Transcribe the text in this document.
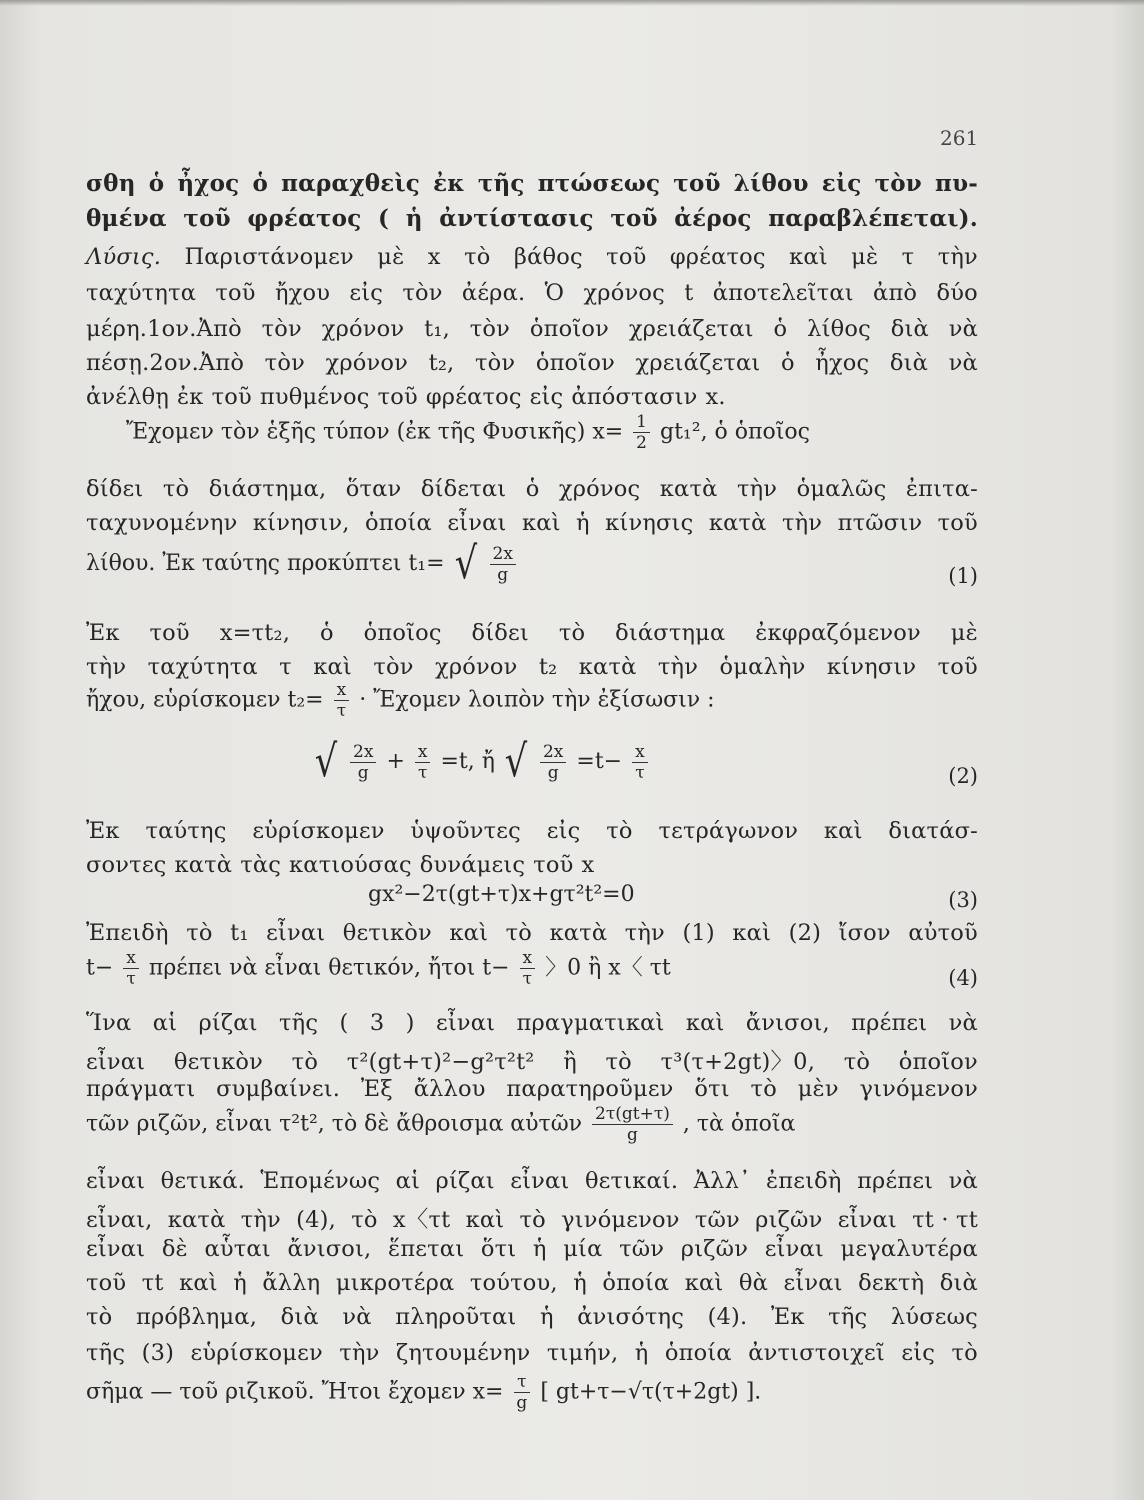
261
σθη ὁ ἦχος ὁ παραχθεὶς ἐκ τῆς πτώσεως τοῦ λίθου εἰς τὸν πυ-
θμένα τοῦ φρέατος ( ἡ ἀντίστασις τοῦ ἀέρος παραβλέπεται).
Λύσις. Παριστάνομεν μὲ x τὸ βάθος τοῦ φρέατος καὶ μὲ τ τὴν
ταχύτητα τοῦ ἤχου εἰς τὸν ἀέρα. Ὁ χρόνος t ἀποτελεῖται ἀπὸ δύο
μέρη.1ον.Ἀπὸ τὸν χρόνον t₁, τὸν ὁποῖον χρειάζεται ὁ λίθος διὰ νὰ
πέσῃ.2ον.Ἀπὸ τὸν χρόνον t₂, τὸν ὁποῖον χρειάζεται ὁ ἦχος διὰ νὰ
ἀνέλθῃ ἐκ τοῦ πυθμένος τοῦ φρέατος εἰς ἀπόστασιν x.
Ἔχομεν τὸν ἑξῆς τύπον (ἐκ τῆς Φυσικῆς) $x= \frac{1}{2} gt_1^2$, ὁ ὁποῖος
δίδει τὸ διάστημα, ὅταν δίδεται ὁ χρόνος κατὰ τὴν ὁμαλῶς ἐπιτα-
ταχυνομένην κίνησιν, ὁποία εἶναι καὶ ἡ κίνησις κατὰ τὴν πτῶσιν τοῦ
λίθου. Ἐκ ταύτης προκύπτει t₁= √ $\frac{2x}{g}$	(1)
Ἐκ τοῦ x=τt₂, ὁ ὁποῖος δίδει τὸ διάστημα ἐκφραζόμενον μὲ
τὴν ταχύτητα τ καὶ τὸν χρόνον t₂ κατὰ τὴν ὁμαλὴν κίνησιν τοῦ
ἤχου, εὑρίσκομεν $t_2= \frac{x}{\tau}$ · Ἔχομεν λοιπὸν τὴν ἐξίσωσιν :
√ $\frac{2x}{g} + \frac{x}{\tau} =t$, ἤ √ $\frac{2x}{g} =t- \frac{x}{\tau}$	(2)
Ἐκ ταύτης εὑρίσκομεν ὑψοῦντες εἰς τὸ τετράγωνον καὶ διατάσ-
σοντες κατὰ τὰς κατιούσας δυνάμεις τοῦ x
gx²−2τ(gt+τ)x+gτ²t²=0	(3)
Ἐπειδὴ τὸ t₁ εἶναι θετικὸν καὶ τὸ κατὰ τὴν (1) καὶ (2) ἴσον αὐτοῦ
$t- \frac{x}{\tau}$ πρέπει νὰ εἶναι θετικόν, ἤτοι $t- \frac{x}{\tau}$ 〉0 ἢ x〈 τt	(4)
Ἵνα αἱ ρίζαι τῆς ( 3 ) εἶναι πραγματικαὶ καὶ ἄνισοι, πρέπει νὰ
εἶναι θετικὸν τὸ τ²(gt+τ)²−g²τ²t² ἢ τὸ τ³(τ+2gt)〉0, τὸ ὁποῖον
πράγματι συμβαίνει. Ἐξ ἄλλου παρατηροῦμεν ὅτι τὸ μὲν γινόμενον
τῶν ριζῶν, εἶναι τ²t², τὸ δὲ ἄθροισμα αὐτῶν $\frac{2\tau(gt+\tau)}{g}$ , τὰ ὁποῖα
εἶναι θετικά. Ἑπομένως αἱ ρίζαι εἶναι θετικαί. Ἀλλ᾽ ἐπειδὴ πρέπει νὰ
εἶναι, κατὰ τὴν (4), τὸ x〈τt καὶ τὸ γινόμενον τῶν ριζῶν εἶναι τt · τt
εἶναι δὲ αὗται ἄνισοι, ἕπεται ὅτι ἡ μία τῶν ριζῶν εἶναι μεγαλυτέρα
τοῦ τt καὶ ἡ ἄλλη μικροτέρα τούτου, ἡ ὁποία καὶ θὰ εἶναι δεκτὴ διὰ
τὸ πρόβλημα, διὰ νὰ πληροῦται ἡ ἀνισότης (4). Ἐκ τῆς λύσεως
τῆς (3) εὑρίσκομεν τὴν ζητουμένην τιμήν, ἡ ὁποία ἀντιστοιχεῖ εἰς τὸ
σῆμα — τοῦ ριζικοῦ. Ἤτοι ἔχομεν $x= \frac{\tau}{g}$ [ gt+τ−√τ(τ+2gt) ].
